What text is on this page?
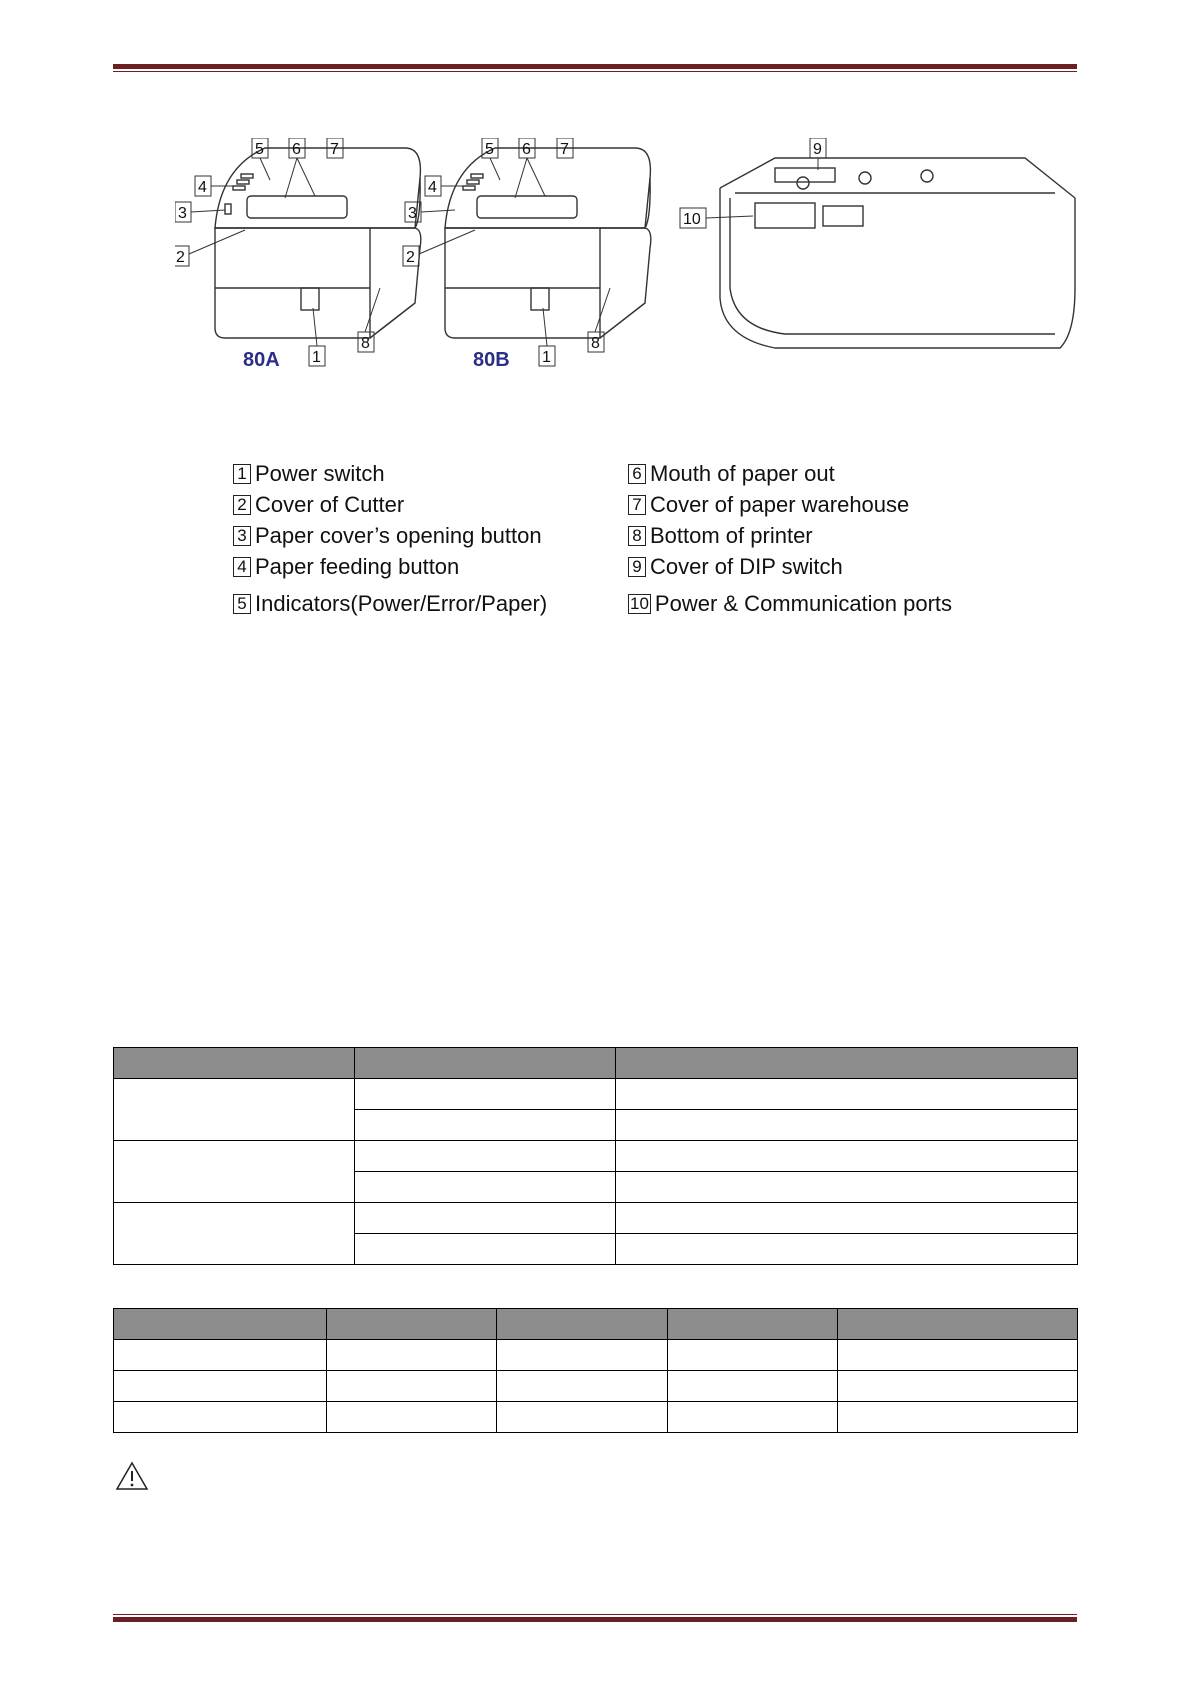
5 6 7
4
3
2
1
8
80A
5 6 7
4
3
2
1
8
80B
9
10
1 Power switch
2 Cover of Cutter
3 Paper cover’s opening button
4 Paper feeding button
5 Indicators(Power/Error/Paper)
6 Mouth of paper out
7 Cover of paper warehouse
8 Bottom of printer
9 Cover of DIP switch
10 Power & Communication ports
